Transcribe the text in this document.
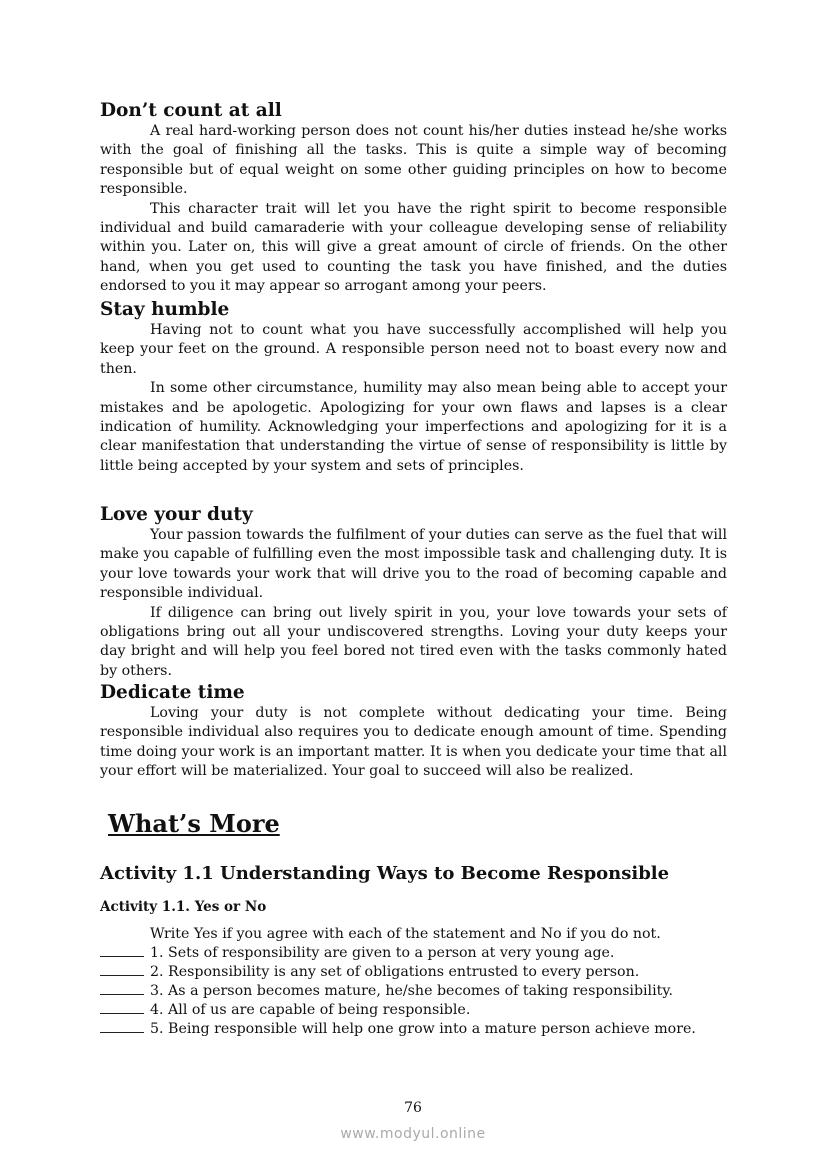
Don’t count at all

A real hard-working person does not count his/her duties instead he/she works with the goal of finishing all the tasks. This is quite a simple way of becoming responsible but of equal weight on some other guiding principles on how to become responsible.

This character trait will let you have the right spirit to become responsible individual and build camaraderie with your colleague developing sense of reliability within you. Later on, this will give a great amount of circle of friends. On the other hand, when you get used to counting the task you have finished, and the duties endorsed to you it may appear so arrogant among your peers.

Stay humble

Having not to count what you have successfully accomplished will help you keep your feet on the ground. A responsible person need not to boast every now and then.

In some other circumstance, humility may also mean being able to accept your mistakes and be apologetic. Apologizing for your own flaws and lapses is a clear indication of humility. Acknowledging your imperfections and apologizing for it is a clear manifestation that understanding the virtue of sense of responsibility is little by little being accepted by your system and sets of principles.

Love your duty

Your passion towards the fulfilment of your duties can serve as the fuel that will make you capable of fulfilling even the most impossible task and challenging duty. It is your love towards your work that will drive you to the road of becoming capable and responsible individual.

If diligence can bring out lively spirit in you, your love towards your sets of obligations bring out all your undiscovered strengths. Loving your duty keeps your day bright and will help you feel bored not tired even with the tasks commonly hated by others.

Dedicate time

Loving your duty is not complete without dedicating your time. Being responsible individual also requires you to dedicate enough amount of time. Spending time doing your work is an important matter. It is when you dedicate your time that all your effort will be materialized. Your goal to succeed will also be realized.

What’s More
Activity 1.1 Understanding Ways to Become Responsible
Activity 1.1. Yes or No

Write Yes if you agree with each of the statement and No if you do not.

1. Sets of responsibility are given to a person at very young age.
2. Responsibility is any set of obligations entrusted to every person.
3. As a person becomes mature, he/she becomes of taking responsibility.
4. All of us are capable of being responsible.
5. Being responsible will help one grow into a mature person achieve more.
76
www.modyul.online
